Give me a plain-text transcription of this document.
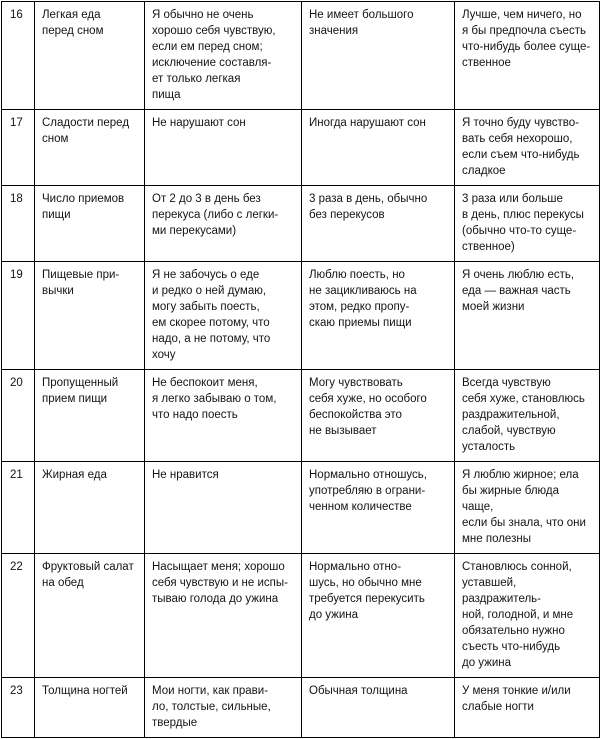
16	Легкая еда
перед сном	Я обычно не очень
хорошо себя чувствую,
если ем перед сном;
исключение составля-
ет только легкая
пища	Не имеет большого
значения	Лучше, чем ничего, но
я бы предпочла съесть
что-нибудь более суще-
ственное
17	Сладости перед
сном	Не нарушают сон	Иногда нарушают сон	Я точно буду чувство-
вать себя нехорошо,
если съем что-нибудь
сладкое
18	Число приемов
пищи	От 2 до 3 в день без
перекуса (либо с легки-
ми перекусами)	3 раза в день, обычно
без перекусов	3 раза или больше
в день, плюс перекусы
(обычно что-то суще-
ственное)
19	Пищевые при-
вычки	Я не забочусь о еде
и редко о ней думаю,
могу забыть поесть,
ем скорее потому, что
надо, а не потому, что
хочу	Люблю поесть, но
не зацикливаюсь на
этом, редко пропу-
скаю приемы пищи	Я очень люблю есть,
еда — важная часть
моей жизни
20	Пропущенный
прием пищи	Не беспокоит меня,
я легко забываю о том,
что надо поесть	Могу чувствовать
себя хуже, но особого
беспокойства это
не вызывает	Всегда чувствую
себя хуже, становлюсь
раздражительной,
слабой, чувствую
усталость
21	Жирная еда	Не нравится	Нормально отношусь,
употребляю в ограни-
ченном количестве	Я люблю жирное; ела
бы жирные блюда чаще,
если бы знала, что они
мне полезны
22	Фруктовый салат
на обед	Насыщает меня; хорошо
себя чувствую и не испы-
тываю голода до ужина	Нормально отно-
шусь, но обычно мне
требуется перекусить
до ужина	Становлюсь сонной,
уставшей, раздражитель-
ной, голодной, и мне
обязательно нужно
съесть что-нибудь
до ужина
23	Толщина ногтей	Мои ногти, как прави-
ло, толстые, сильные,
твердые	Обычная толщина	У меня тонкие и/или
слабые ногти
